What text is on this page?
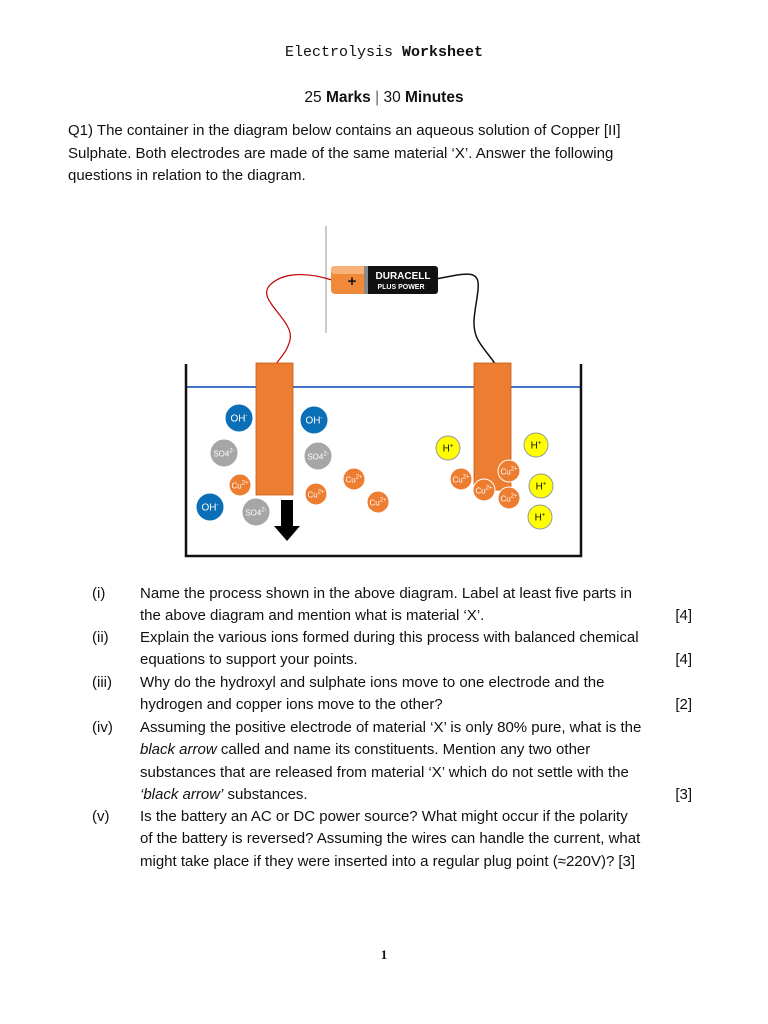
Electrolysis Worksheet
25 Marks | 30 Minutes
Q1) The container in the diagram below contains an aqueous solution of Copper [II]
Sulphate. Both electrodes are made of the same material ‘X’. Answer the following
questions in relation to the diagram.
+ DURACELL
PLUS POWER
OH-	OH-
$SO4^{2-}$
$SO4^{2-}$
$Cu^{2+}$
OH-
$SO4^{2-}$
$Cu^{2+}$
$Cu^{2+}$
$Cu^{2+}$
H+	H+
$Cu^{2+}$
$Cu^{2+}$
$Cu^{2+}$
$Cu^{2+}$
H+
H+
(i) Name the process shown in the above diagram. Label at least five parts in
the above diagram and mention what is material ‘X’.	[4]
(ii) Explain the various ions formed during this process with balanced chemical
equations to support your points.	[4]
(iii) Why do the hydroxyl and sulphate ions move to one electrode and the
hydrogen and copper ions move to the other?	[2]
(iv) Assuming the positive electrode of material ‘X’ is only 80% pure, what is the
black arrow called and name its constituents. Mention any two other
substances that are released from material ‘X’ which do not settle with the
‘black arrow’ substances.	[3]
(v) Is the battery an AC or DC power source? What might occur if the polarity
of the battery is reversed? Assuming the wires can handle the current, what
might take place if they were inserted into a regular plug point (≈220V)? [3]
1
